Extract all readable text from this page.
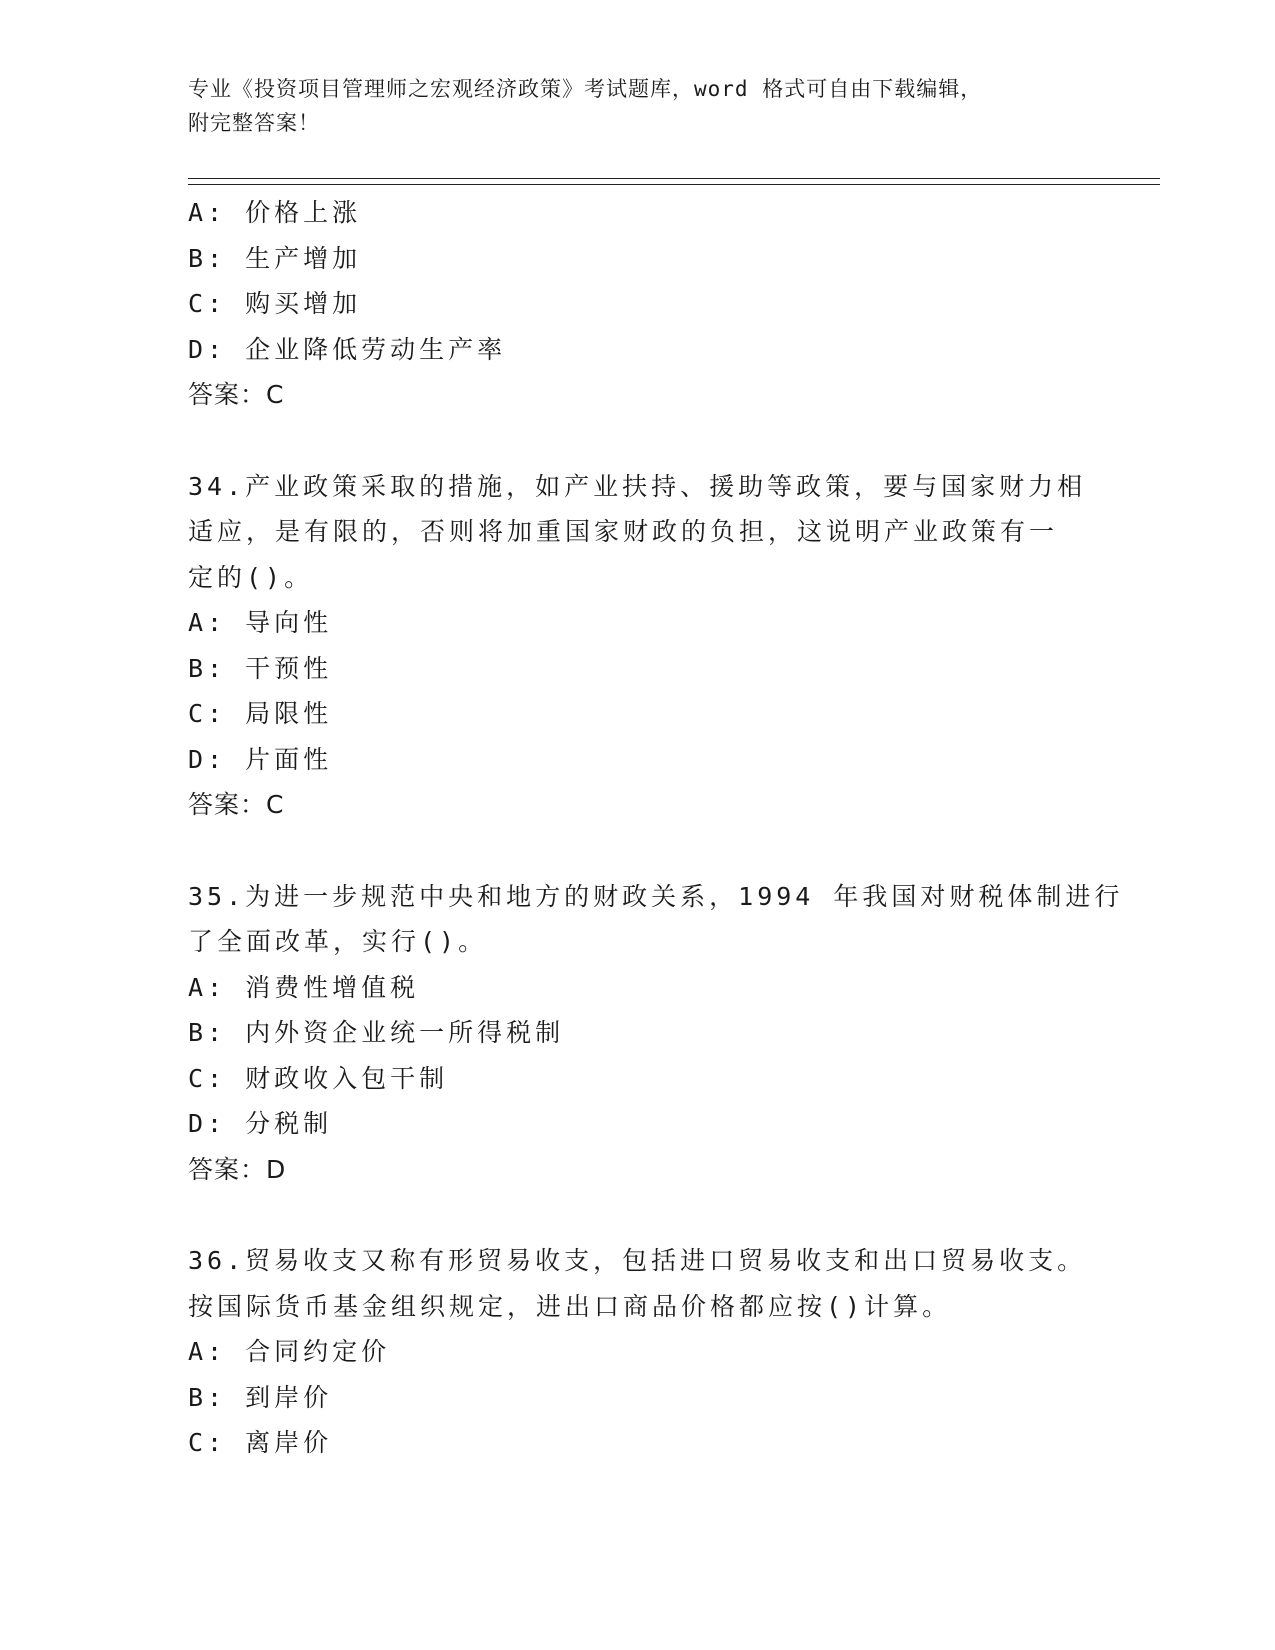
专业《投资项目管理师之宏观经济政策》考试题库，word 格式可自由下载编辑，
附完整答案！
A: 价格上涨
B: 生产增加
C: 购买增加
D: 企业降低劳动生产率
答案：C
34.产业政策采取的措施，如产业扶持、援助等政策，要与国家财力相
适应，是有限的，否则将加重国家财政的负担，这说明产业政策有一
定的()。
A: 导向性
B: 干预性
C: 局限性
D: 片面性
答案：C
35.为进一步规范中央和地方的财政关系，1994 年我国对财税体制进行
了全面改革，实行()。
A: 消费性增值税
B: 内外资企业统一所得税制
C: 财政收入包干制
D: 分税制
答案：D
36.贸易收支又称有形贸易收支，包括进口贸易收支和出口贸易收支。
按国际货币基金组织规定，进出口商品价格都应按()计算。
A: 合同约定价
B: 到岸价
C: 离岸价
